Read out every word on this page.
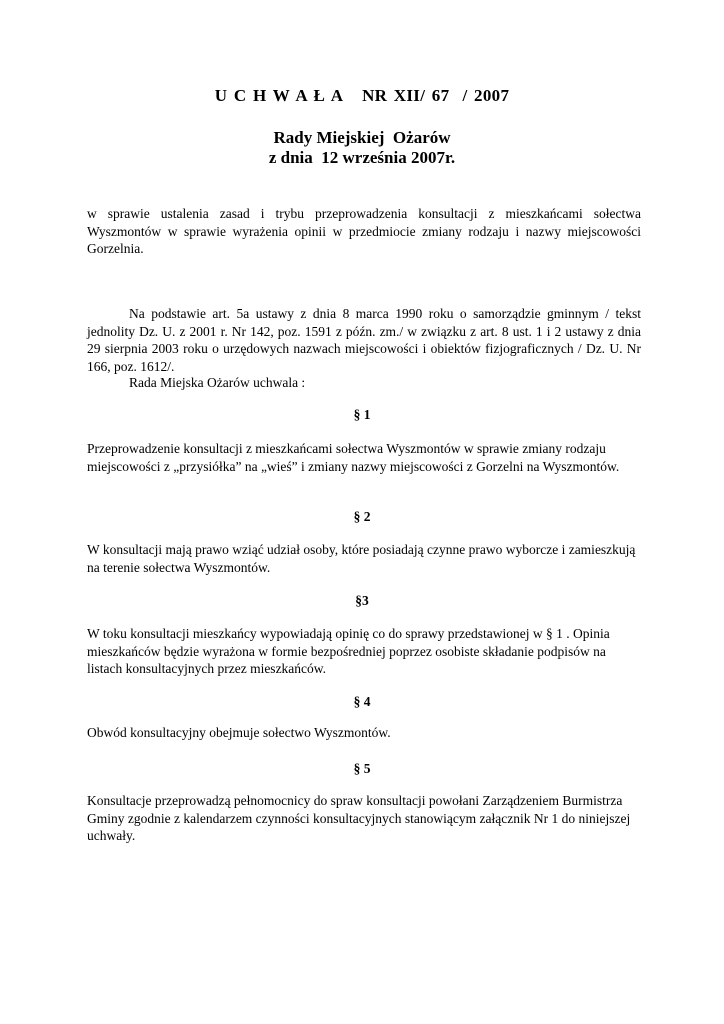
U C H W A Ł A   NR XII/ 67  / 2007
Rady Miejskiej  Ożarów
z dnia  12 września 2007r.

w sprawie ustalenia zasad i trybu przeprowadzenia konsultacji z mieszkańcami sołectwa Wyszmontów w sprawie wyrażenia opinii w przedmiocie zmiany rodzaju i nazwy miejscowości Gorzelnia.

Na podstawie art. 5a ustawy z dnia 8 marca 1990 roku o samorządzie gminnym / tekst jednolity Dz. U. z 2001 r. Nr 142, poz. 1591 z późn. zm./ w związku z art. 8 ust. 1 i 2 ustawy z dnia 29 sierpnia 2003 roku o urzędowych nazwach miejscowości i obiektów fizjograficznych / Dz. U. Nr 166, poz. 1612/.

Rada Miejska Ożarów uchwala :

§ 1

Przeprowadzenie konsultacji z mieszkańcami sołectwa Wyszmontów w sprawie zmiany rodzaju miejscowości z „przysiółka” na „wieś” i zmiany nazwy miejscowości z Gorzelni na Wyszmontów.

§ 2

W konsultacji mają prawo wziąć udział osoby, które posiadają czynne prawo wyborcze i zamieszkują na terenie sołectwa Wyszmontów.

§3

W toku konsultacji mieszkańcy wypowiadają opinię co do sprawy przedstawionej w § 1 . Opinia mieszkańców będzie wyrażona w formie bezpośredniej poprzez osobiste składanie podpisów na listach konsultacyjnych przez mieszkańców.

§ 4

Obwód konsultacyjny obejmuje sołectwo Wyszmontów.

§ 5

Konsultacje przeprowadzą pełnomocnicy do spraw konsultacji powołani Zarządzeniem Burmistrza Gminy zgodnie z kalendarzem czynności konsultacyjnych stanowiącym załącznik Nr 1 do niniejszej uchwały.
